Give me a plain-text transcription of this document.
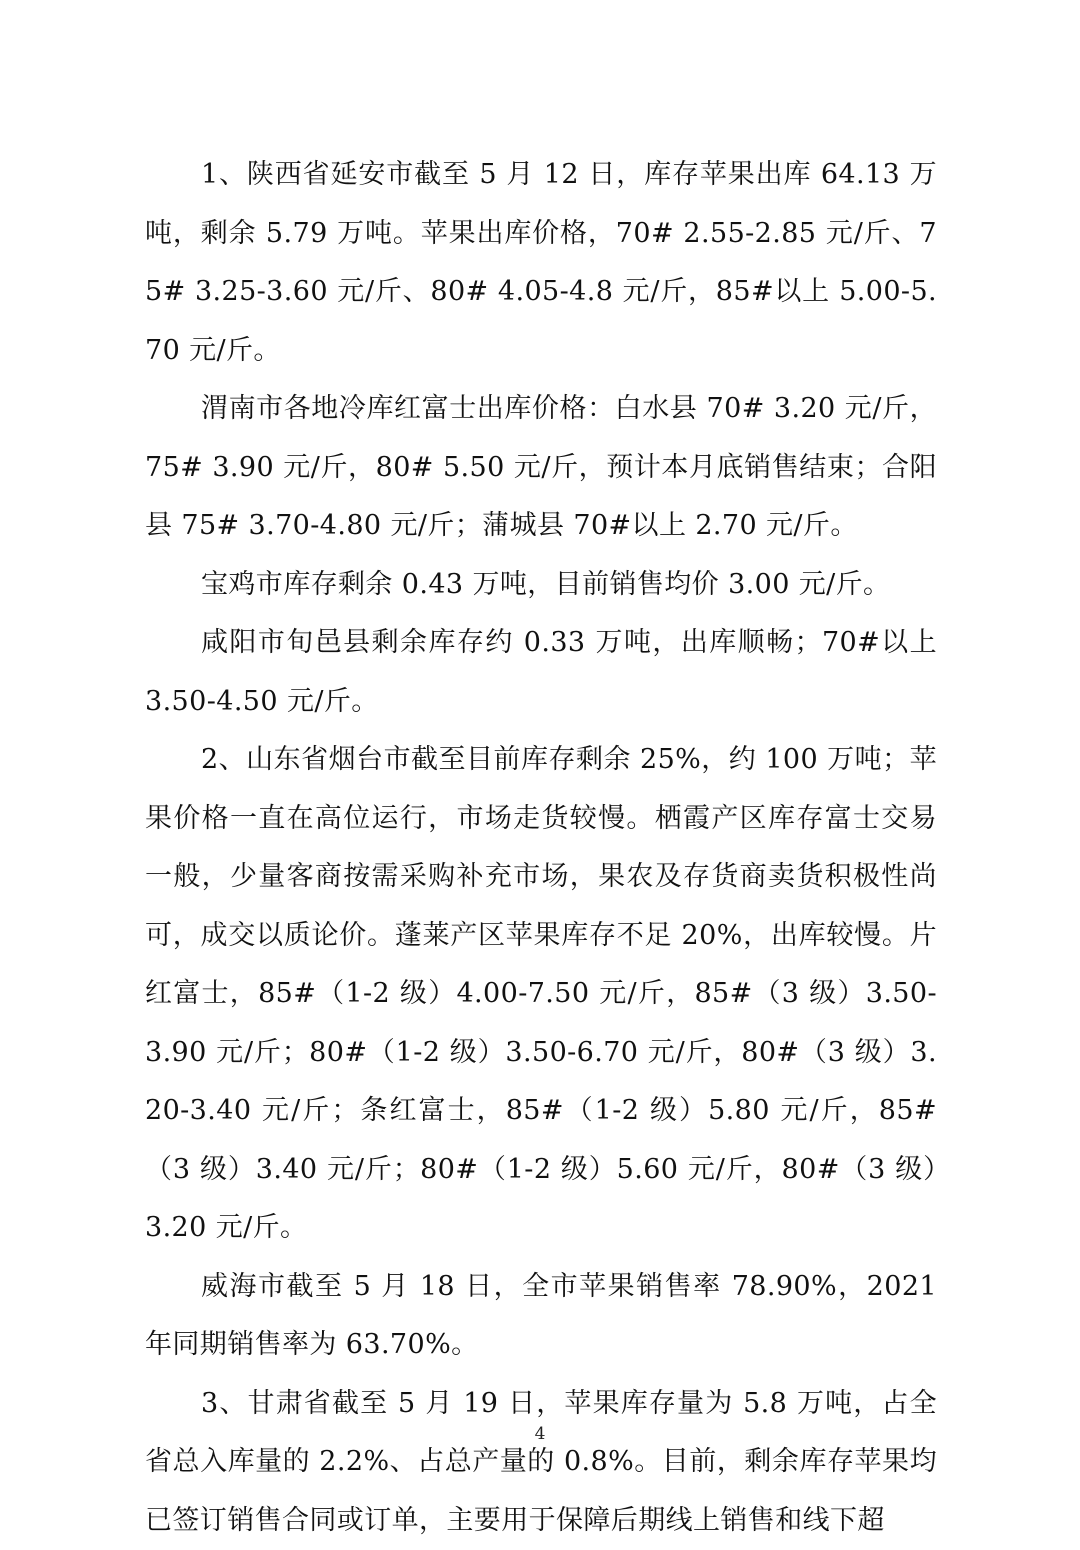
1、陕西省延安市截至 5 月 12 日，库存苹果出库 64.13 万吨，剩余 5.79 万吨。苹果出库价格，70# 2.55-2.85 元/斤、75# 3.25-3.60 元/斤、80# 4.05-4.8 元/斤，85#以上 5.00-5.70 元/斤。

渭南市各地冷库红富士出库价格：白水县 70# 3.20 元/斤，75# 3.90 元/斤，80# 5.50 元/斤，预计本月底销售结束；合阳县 75# 3.70-4.80 元/斤；蒲城县 70#以上 2.70 元/斤。

宝鸡市库存剩余 0.43 万吨，目前销售均价 3.00 元/斤。

咸阳市旬邑县剩余库存约 0.33 万吨，出库顺畅；70#以上 3.50-4.50 元/斤。

2、山东省烟台市截至目前库存剩余 25%，约 100 万吨；苹果价格一直在高位运行，市场走货较慢。栖霞产区库存富士交易一般，少量客商按需采购补充市场，果农及存货商卖货积极性尚可，成交以质论价。蓬莱产区苹果库存不足 20%，出库较慢。片红富士，85#（1-2 级）4.00-7.50 元/斤，85#（3 级）3.50-3.90 元/斤；80#（1-2 级）3.50-6.70 元/斤，80#（3 级）3.20-3.40 元/斤；条红富士，85#（1-2 级）5.80 元/斤，85#（3 级）3.40 元/斤；80#（1-2 级）5.60 元/斤，80#（3 级）3.20 元/斤。

威海市截至 5 月 18 日，全市苹果销售率 78.90%，2021 年同期销售率为 63.70%。

3、甘肃省截至 5 月 19 日，苹果库存量为 5.8 万吨，占全省总入库量的 2.2%、占总产量的 0.8%。目前，剩余库存苹果均已签订销售合同或订单，主要用于保障后期线上销售和线下超

4
